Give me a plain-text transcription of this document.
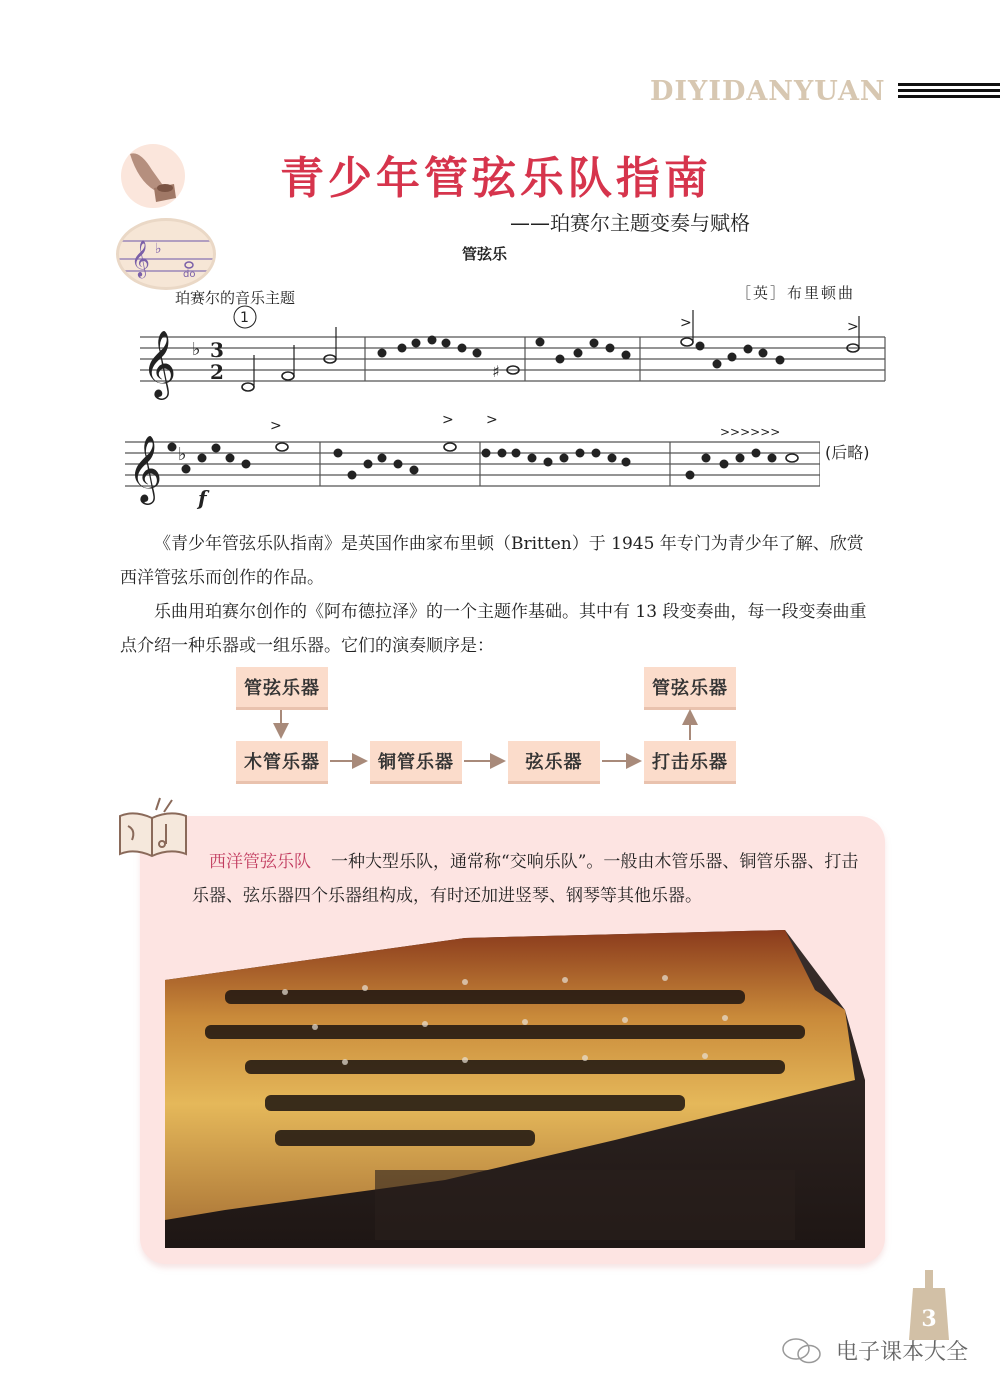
DIYIDANYUAN
𝄞 ♭
do
青少年管弦乐队指南
——珀赛尔主题变奏与赋格
管弦乐
珀赛尔的音乐主题	［英］布里顿曲
𝄞 ♭ 3
2
1
♯
>	>
𝄞 ♭
f
>	> >
>>>>>>
(后略)
《青少年管弦乐队指南》是英国作曲家布里顿（Britten）于 1945 年专门为青少年了解、欣赏西洋管弦乐而创作的作品。
乐曲用珀赛尔创作的《阿布德拉泽》的一个主题作基础。其中有 13 段变奏曲，每一段变奏曲重点介绍一种乐器或一组乐器。它们的演奏顺序是：
管弦乐器
木管乐器	铜管乐器	弦乐器	打击乐器
管弦乐器
 西洋管弦乐队 一种大型乐队，通常称“交响乐队”。一般由木管乐器、铜管乐器、打击乐器、弦乐器四个乐器组构成，有时还加进竖琴、钢琴等其他乐器。
3
电子课本大全
